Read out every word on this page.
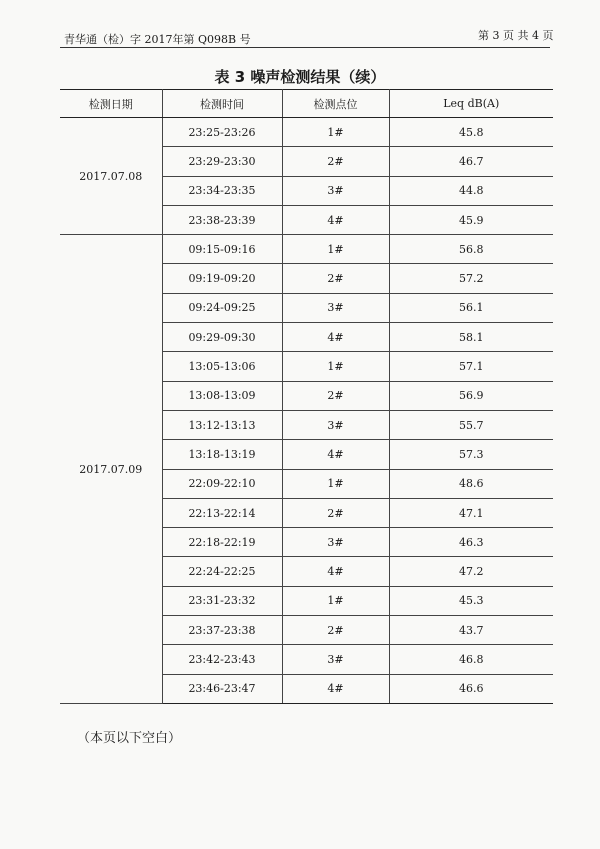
青华通（检）字 2017年第 Q098B 号	第 3 页 共 4 页
表 3 噪声检测结果（续）
检测日期	检测时间	检测点位	Leq dB(A)
2017.07.08	23:25-23:26	1#	45.8
	23:29-23:30	2#	46.7
	23:34-23:35	3#	44.8
	23:38-23:39	4#	45.9
2017.07.09	09:15-09:16	1#	56.8
	09:19-09:20	2#	57.2
	09:24-09:25	3#	56.1
	09:29-09:30	4#	58.1
	13:05-13:06	1#	57.1
	13:08-13:09	2#	56.9
	13:12-13:13	3#	55.7
	13:18-13:19	4#	57.3
	22:09-22:10	1#	48.6
	22:13-22:14	2#	47.1
	22:18-22:19	3#	46.3
	22:24-22:25	4#	47.2
	23:31-23:32	1#	45.3
	23:37-23:38	2#	43.7
	23:42-23:43	3#	46.8
	23:46-23:47	4#	46.6
（本页以下空白）
